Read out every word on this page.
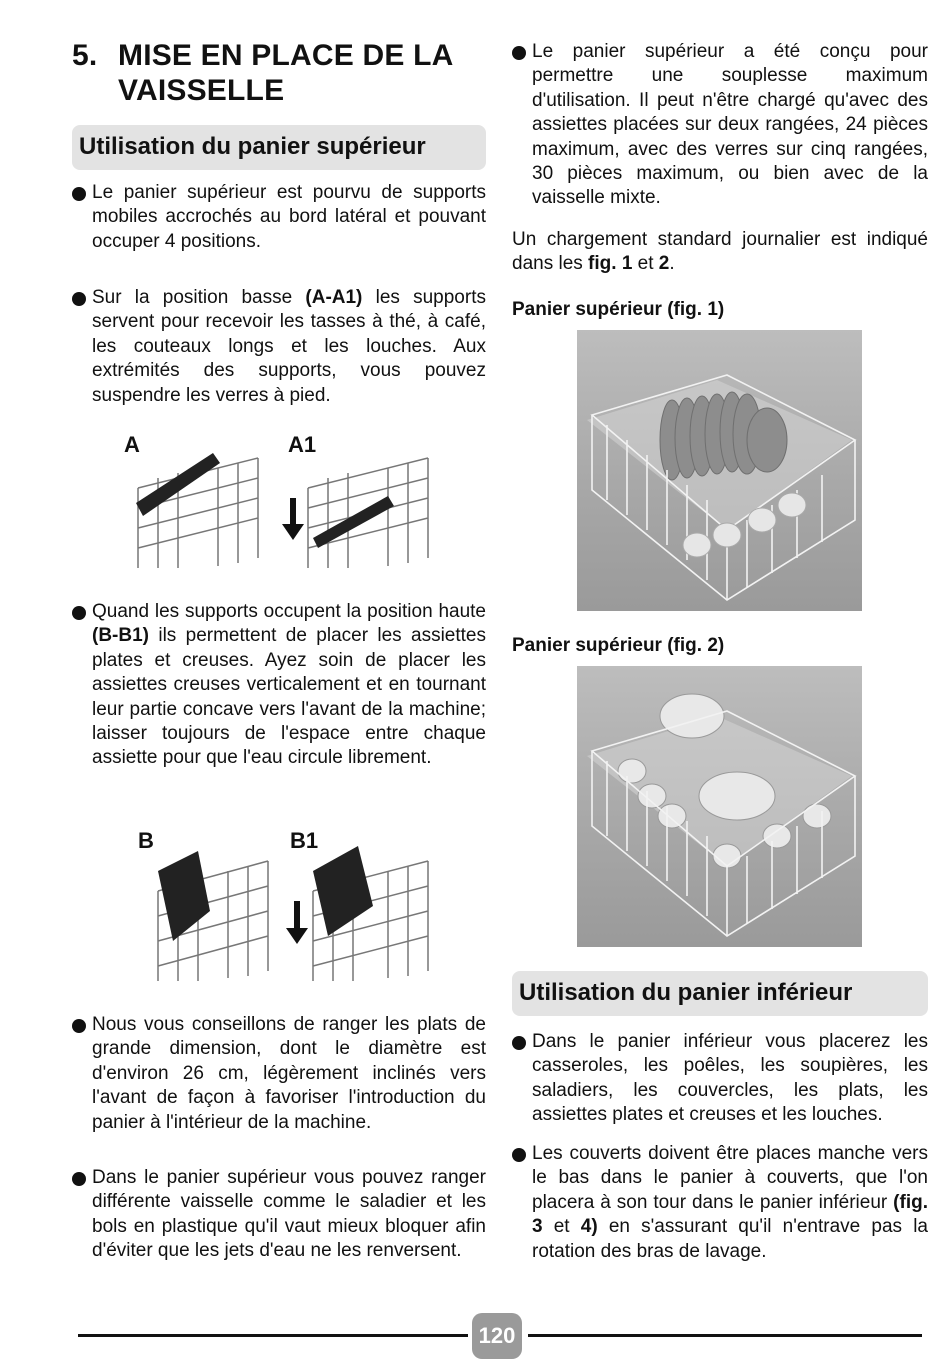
5. MISE EN PLACE DE LA VAISSELLE
Utilisation du panier supérieur
Le panier supérieur est pourvu de supports mobiles accrochés au bord latéral et pouvant occuper 4 positions.
Sur la position basse (A-A1) les supports servent pour recevoir les tasses à thé, à café, les couteaux longs et les louches. Aux extrémités des supports, vous pouvez suspendre les verres à pied.
A	A1
Quand les supports occupent la position haute (B-B1) ils permettent de placer les assiettes plates et creuses. Ayez soin de placer les assiettes creuses verticalement et en tournant leur partie concave vers l'avant de la machine; laisser toujours de l'espace entre chaque assiette pour que l'eau circule librement.
B	B1
Nous vous conseillons de ranger les plats de grande dimension, dont le diamètre est d'environ 26 cm, légèrement inclinés vers l'avant de façon à favoriser l'introduction du panier à l'intérieur de la machine.
Dans le panier supérieur vous pouvez ranger différente vaisselle comme le saladier et les bols en plastique qu'il vaut mieux bloquer afin d'éviter que les jets d'eau ne les renversent.
Le panier supérieur a été conçu pour permettre une souplesse maximum d'utilisation. Il peut n'être chargé qu'avec des assiettes placées sur deux rangées, 24 pièces maximum, avec des verres sur cinq rangées, 30 pièces maximum, ou bien avec de la vaisselle mixte.
Un chargement standard journalier est indiqué dans les fig. 1 et 2.
Panier supérieur (fig. 1)
Panier supérieur (fig. 2)
Utilisation du panier inférieur
Dans le panier inférieur vous placerez les casseroles, les poêles, les soupières, les saladiers, les couvercles, les plats, les assiettes plates et creuses et les louches.
Les couverts doivent être places manche vers le bas dans le panier à couverts, que l'on placera à son tour dans le panier inférieur (fig. 3 et 4) en s'assurant qu'il n'entrave pas la rotation des bras de lavage.
120
